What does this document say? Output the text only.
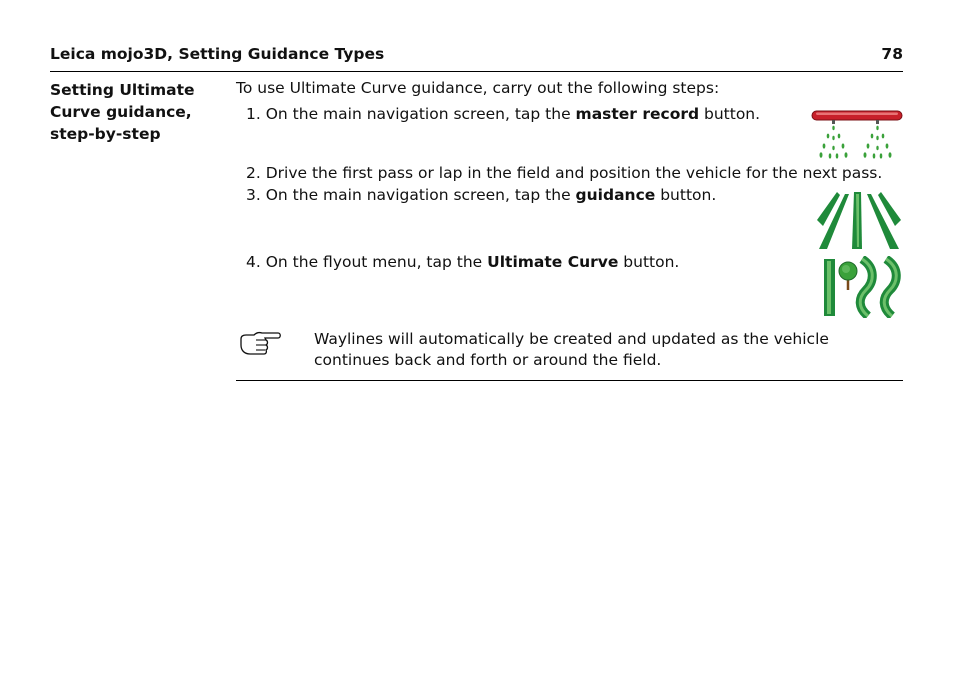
Leica mojo3D, Setting Guidance Types	78
Setting Ultimate
Curve guidance,
step-by-step
To use Ultimate Curve guidance, carry out the following steps:
1. On the main navigation screen, tap the master record button.
2. Drive the first pass or lap in the field and position the vehicle for the next pass.
3. On the main navigation screen, tap the guidance button.
4. On the flyout menu, tap the Ultimate Curve button.
Waylines will automatically be created and updated as the vehicle continues back and forth or around the field.
